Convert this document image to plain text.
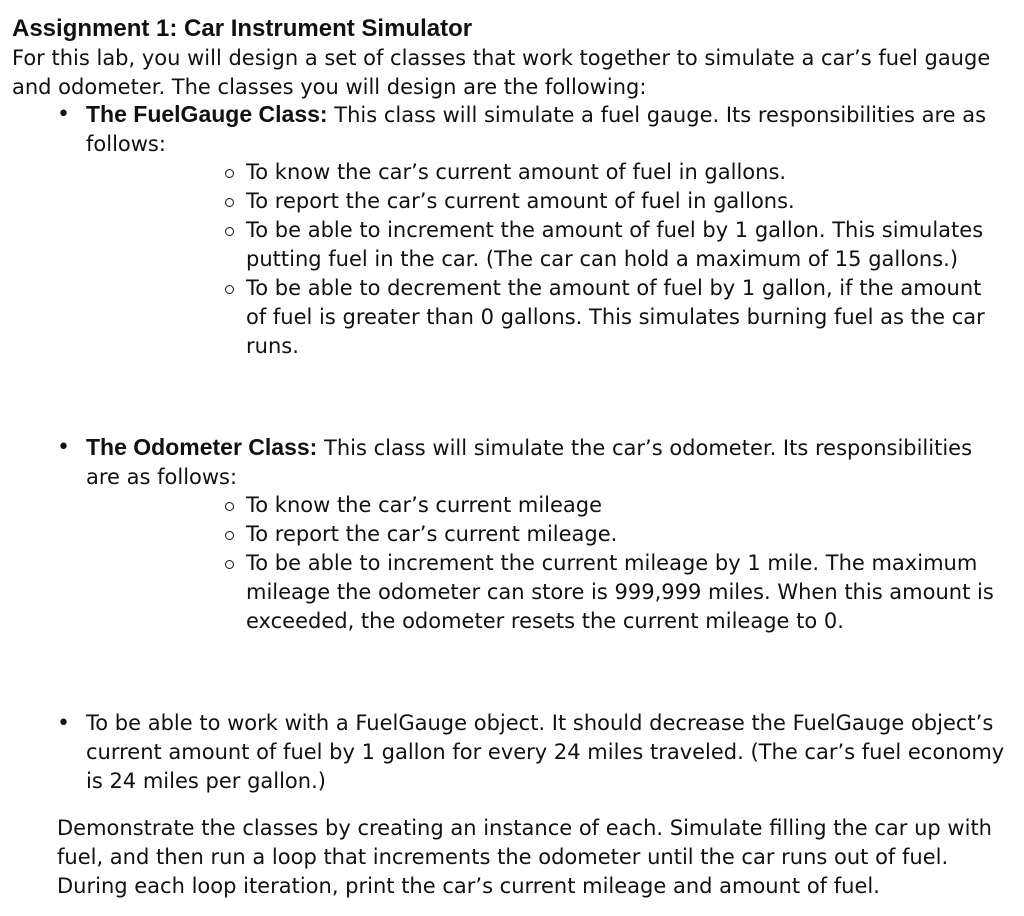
Assignment 1: Car Instrument Simulator

For this lab, you will design a set of classes that work together to simulate a car’s fuel gauge and odometer. The classes you will design are the following:

• The FuelGauge Class: This class will simulate a fuel gauge. Its responsibilities are as follows:

To know the car’s current amount of fuel in gallons.
To report the car’s current amount of fuel in gallons.
To be able to increment the amount of fuel by 1 gallon. This simulates putting fuel in the car. (The car can hold a maximum of 15 gallons.)
To be able to decrement the amount of fuel by 1 gallon, if the amount of fuel is greater than 0 gallons. This simulates burning fuel as the car runs.

• The Odometer Class: This class will simulate the car’s odometer. Its responsibilities are as follows:

To know the car’s current mileage
To report the car’s current mileage.
To be able to increment the current mileage by 1 mile. The maximum mileage the odometer can store is 999,999 miles. When this amount is exceeded, the odometer resets the current mileage to 0.

• To be able to work with a FuelGauge object. It should decrease the FuelGauge object’s current amount of fuel by 1 gallon for every 24 miles traveled. (The car’s fuel economy is 24 miles per gallon.)

Demonstrate the classes by creating an instance of each. Simulate filling the car up with fuel, and then run a loop that increments the odometer until the car runs out of fuel. During each loop iteration, print the car’s current mileage and amount of fuel.
